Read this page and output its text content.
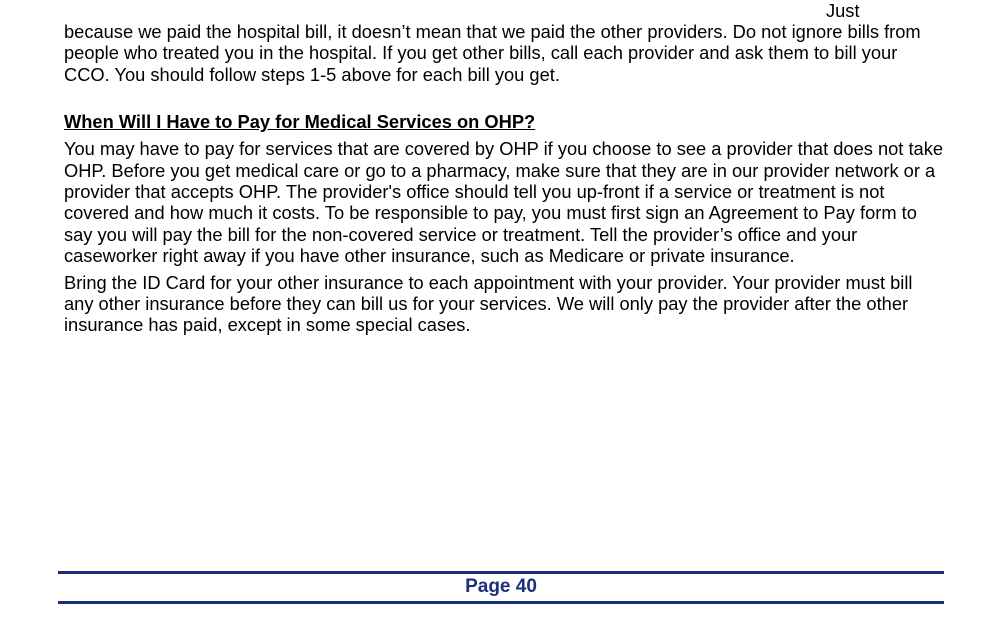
Just

because we paid the hospital bill, it doesn’t mean that we paid the other providers. Do not ignore bills from people who treated you in the hospital. If you get other bills, call each provider and ask them to bill your CCO. You should follow steps 1-5 above for each bill you get.

When Will I Have to Pay for Medical Services on OHP?

You may have to pay for services that are covered by OHP if you choose to see a provider that does not take OHP. Before you get medical care or go to a pharmacy, make sure that they are in our provider network or a provider that accepts OHP. The provider's office should tell you up-front if a service or treatment is not covered and how much it costs. To be responsible to pay, you must first sign an Agreement to Pay form to say you will pay the bill for the non-covered service or treatment. Tell the provider’s office and your caseworker right away if you have other insurance, such as Medicare or private insurance.

Bring the ID Card for your other insurance to each appointment with your provider. Your provider must bill any other insurance before they can bill us for your services. We will only pay the provider after the other insurance has paid, except in some special cases.

Page 40
